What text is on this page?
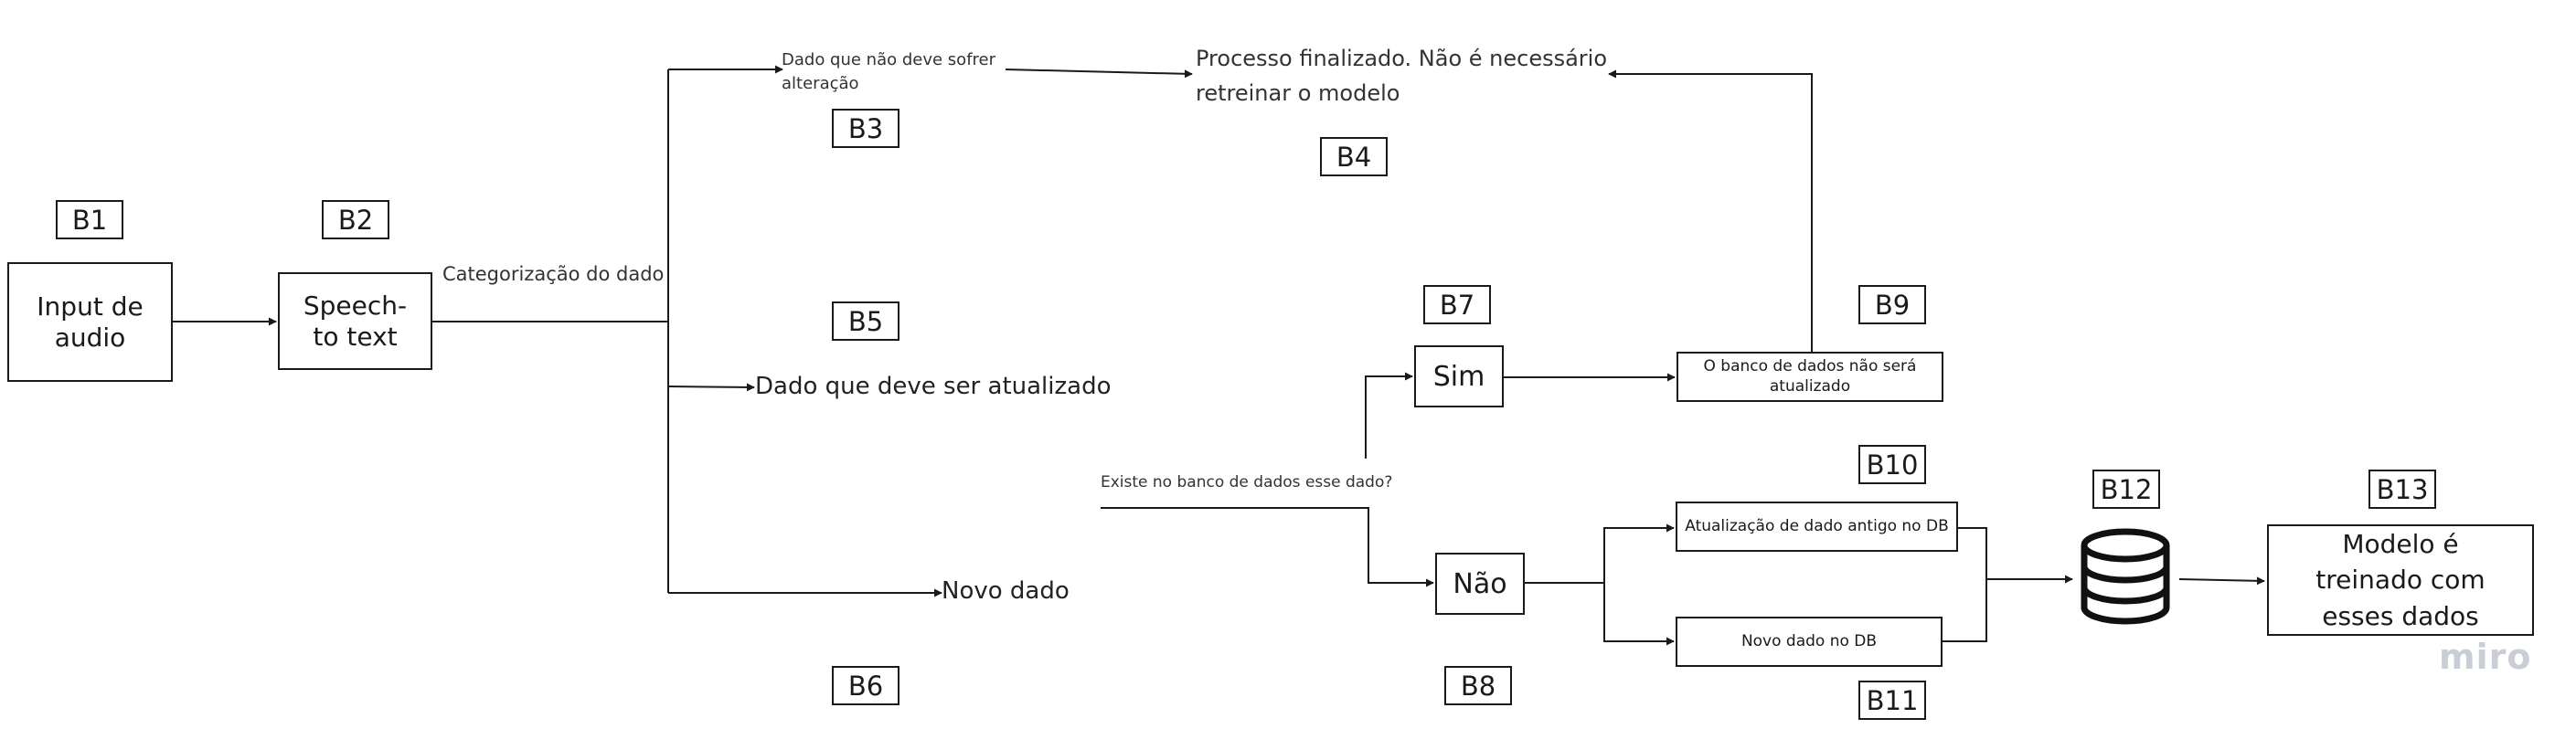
B1	B2
B3
B4
B5
B6
B7
B8
B9
B10
B11
B12	B13
Input de audio
Speech-to text
Sim
Não
O banco de dados não será atualizado
Atualização de dado antigo no DB
Novo dado no DB
Modelo é treinado com esses dados
Categorização do dado
Dado que não deve sofrer alteração
Processo finalizado. Não é necessário retreinar o modelo
Dado que deve ser atualizado
Novo dado
Existe no banco de dados esse dado?
miro
